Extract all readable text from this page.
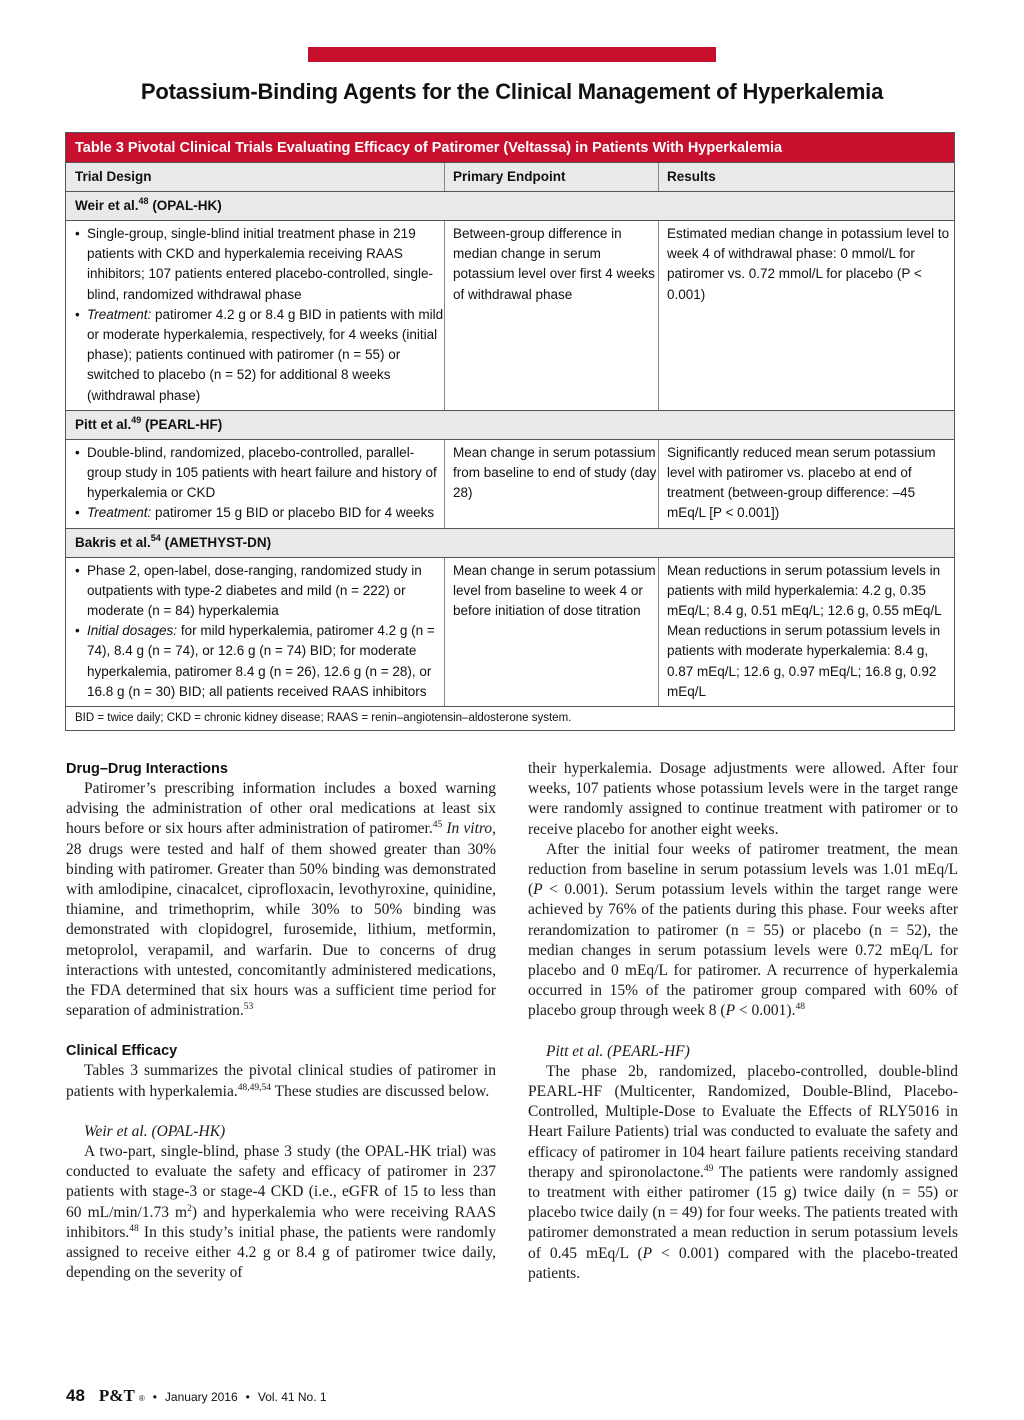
Potassium-Binding Agents for the Clinical Management of Hyperkalemia
Table 3 Pivotal Clinical Trials Evaluating Efficacy of Patiromer (Veltassa) in Patients With Hyperkalemia
Trial Design	Primary Endpoint	Results
Weir et al.$^{48}$ (OPAL-HK)
• Single-group, single-blind initial treatment phase in 219 patients with CKD and hyperkalemia receiving RAAS inhibitors; 107 patients entered placebo-controlled, single-blind, randomized withdrawal phase
• Treatment: patiromer 4.2 g or 8.4 g BID in patients with mild or moderate hyperkalemia, respectively, for 4 weeks (initial phase); patients continued with patiromer (n = 55) or switched to placebo (n = 52) for additional 8 weeks (withdrawal phase)
Between-group difference in median change in serum potassium level over first 4 weeks of withdrawal phase
Estimated median change in potassium level to week 4 of withdrawal phase: 0 mmol/L for patiromer vs. 0.72 mmol/L for placebo (P < 0.001)
Pitt et al.$^{49}$ (PEARL-HF)
• Double-blind, randomized, placebo-controlled, parallel-group study in 105 patients with heart failure and history of hyperkalemia or CKD
• Treatment: patiromer 15 g BID or placebo BID for 4 weeks
Mean change in serum potassium from baseline to end of study (day 28)
Significantly reduced mean serum potassium level with patiromer vs. placebo at end of treatment (between-group difference: –45 mEq/L [P < 0.001])
Bakris et al.$^{54}$ (AMETHYST-DN)
• Phase 2, open-label, dose-ranging, randomized study in outpatients with type-2 diabetes and mild (n = 222) or moderate (n = 84) hyperkalemia
• Initial dosages: for mild hyperkalemia, patiromer 4.2 g (n = 74), 8.4 g (n = 74), or 12.6 g (n = 74) BID; for moderate hyperkalemia, patiromer 8.4 g (n = 26), 12.6 g (n = 28), or 16.8 g (n = 30) BID; all patients received RAAS inhibitors
Mean change in serum potassium level from baseline to week 4 or before initiation of dose titration
Mean reductions in serum potassium levels in patients with mild hyperkalemia: 4.2 g, 0.35 mEq/L; 8.4 g, 0.51 mEq/L; 12.6 g, 0.55 mEq/L
Mean reductions in serum potassium levels in patients with moderate hyperkalemia: 8.4 g, 0.87 mEq/L; 12.6 g, 0.97 mEq/L; 16.8 g, 0.92 mEq/L
BID = twice daily; CKD = chronic kidney disease; RAAS = renin–angiotensin–aldosterone system.
Drug–Drug Interactions

Patiromer’s prescribing information includes a boxed warning advising the administration of other oral medications at least six hours before or six hours after administration of patiromer.$^{45}$ In vitro, 28 drugs were tested and half of them showed greater than 30% binding with patiromer. Greater than 50% binding was demonstrated with amlodipine, cinacalcet, ciprofloxacin, levothyroxine, quinidine, thiamine, and trimethoprim, while 30% to 50% binding was demonstrated with clopidogrel, furosemide, lithium, metformin, metoprolol, verapamil, and warfarin. Due to concerns of drug interactions with untested, concomitantly administered medications, the FDA determined that six hours was a sufficient time period for separation of administration.$^{53}$

Clinical Efficacy

Tables 3 summarizes the pivotal clinical studies of patiromer in patients with hyperkalemia.$^{48,49,54}$ These studies are discussed below.

Weir et al. (OPAL-HK)

A two-part, single-blind, phase 3 study (the OPAL-HK trial) was conducted to evaluate the safety and efficacy of patiromer in 237 patients with stage-3 or stage-4 CKD (i.e., eGFR of 15 to less than 60 mL/min/1.73 $m^2$) and hyperkalemia who were receiving RAAS inhibitors.$^{48}$ In this study’s initial phase, the patients were randomly assigned to receive either 4.2 g or 8.4 g of patiromer twice daily, depending on the severity of

their hyperkalemia. Dosage adjustments were allowed. After four weeks, 107 patients whose potassium levels were in the target range were randomly assigned to continue treatment with patiromer or to receive placebo for another eight weeks.

After the initial four weeks of patiromer treatment, the mean reduction from baseline in serum potassium levels was 1.01 mEq/L (P < 0.001). Serum potassium levels within the target range were achieved by 76% of the patients during this phase. Four weeks after rerandomization to patiromer (n = 55) or placebo (n = 52), the median changes in serum potassium levels were 0.72 mEq/L for placebo and 0 mEq/L for patiromer. A recurrence of hyperkalemia occurred in 15% of the patiromer group compared with 60% of placebo group through week 8 (P < 0.001).$^{48}$

Pitt et al. (PEARL-HF)

The phase 2b, randomized, placebo-controlled, double-blind PEARL-HF (Multicenter, Randomized, Double-Blind, Placebo-Controlled, Multiple-Dose to Evaluate the Effects of RLY5016 in Heart Failure Patients) trial was conducted to evaluate the safety and efficacy of patiromer in 104 heart failure patients receiving standard therapy and spironolactone.$^{49}$ The patients were randomly assigned to treatment with either patiromer (15 g) twice daily (n = 55) or placebo twice daily (n = 49) for four weeks. The patients treated with patiromer demonstrated a mean reduction in serum potassium levels of 0.45 mEq/L (P < 0.001) compared with the placebo-treated patients.

48 P&T $_®$ • January 2016 • Vol. 41 No. 1
